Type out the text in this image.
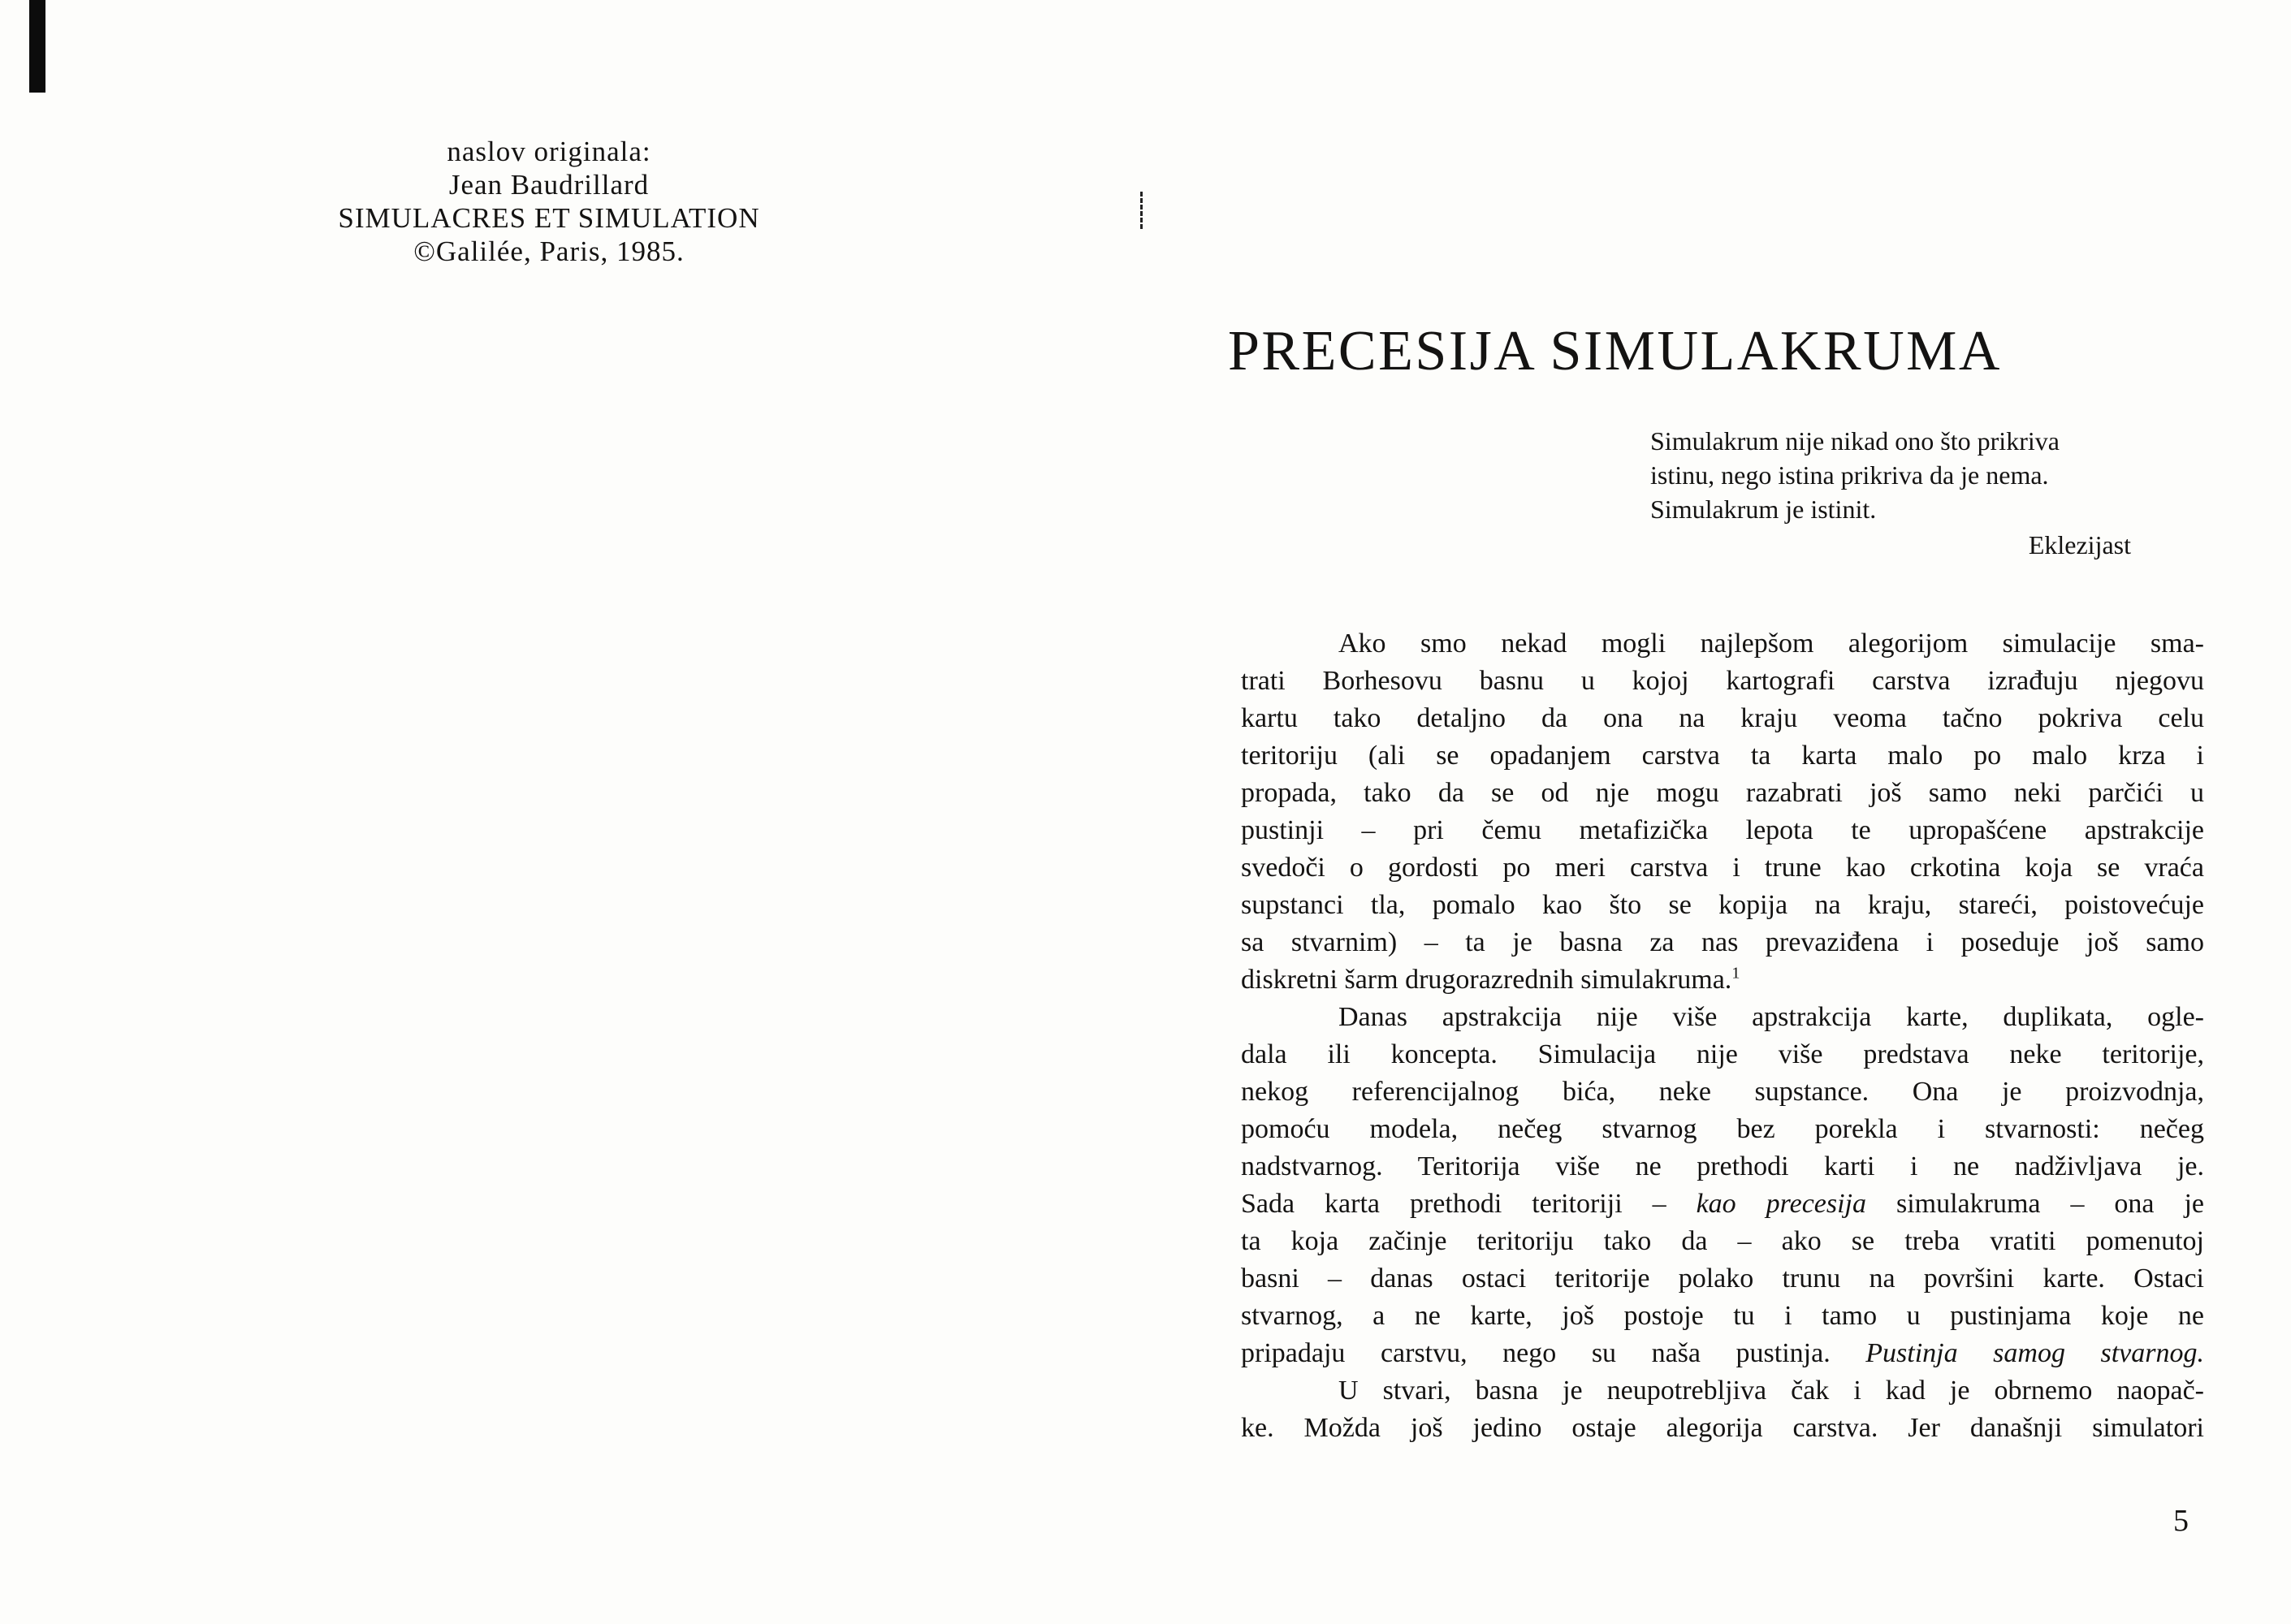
naslov originala:
Jean Baudrillard
SIMULACRES ET SIMULATION
©Galilée, Paris, 1985.
PRECESIJA SIMULAKRUMA
Simulakrum nije nikad ono što prikriva
istinu, nego istina prikriva da je nema.
Simulakrum je istinit.
Eklezijast
Ako smo nekad mogli najlepšom alegorijom simulacije sma-
trati Borhesovu basnu u kojoj kartografi carstva izrađuju njegovu
kartu tako detaljno da ona na kraju veoma tačno pokriva celu
teritoriju (ali se opadanjem carstva ta karta malo po malo krza i
propada, tako da se od nje mogu razabrati još samo neki parčići u
pustinji – pri čemu metafizička lepota te upropašćene apstrakcije
svedoči o gordosti po meri carstva i trune kao crkotina koja se vraća
supstanci tla, pomalo kao što se kopija na kraju, stareći, poistovećuje
sa stvarnim) – ta je basna za nas prevaziđena i poseduje još samo
diskretni šarm drugorazrednih simulakruma.$^1$
Danas apstrakcija nije više apstrakcija karte, duplikata, ogle-
dala ili koncepta. Simulacija nije više predstava neke teritorije,
nekog referencijalnog bića, neke supstance. Ona je proizvodnja,
pomoću modela, nečeg stvarnog bez porekla i stvarnosti: nečeg
nadstvarnog. Teritorija više ne prethodi karti i ne nadživljava je.
Sada karta prethodi teritoriji – kao precesija simulakruma – ona je
ta koja začinje teritoriju tako da – ako se treba vratiti pomenutoj
basni – danas ostaci teritorije polako trunu na površini karte. Ostaci
stvarnog, a ne karte, još postoje tu i tamo u pustinjama koje ne
pripadaju carstvu, nego su naša pustinja. Pustinja samog stvarnog.
U stvari, basna je neupotrebljiva čak i kad je obrnemo naopač-
ke. Možda još jedino ostaje alegorija carstva. Jer današnji simulatori
5
